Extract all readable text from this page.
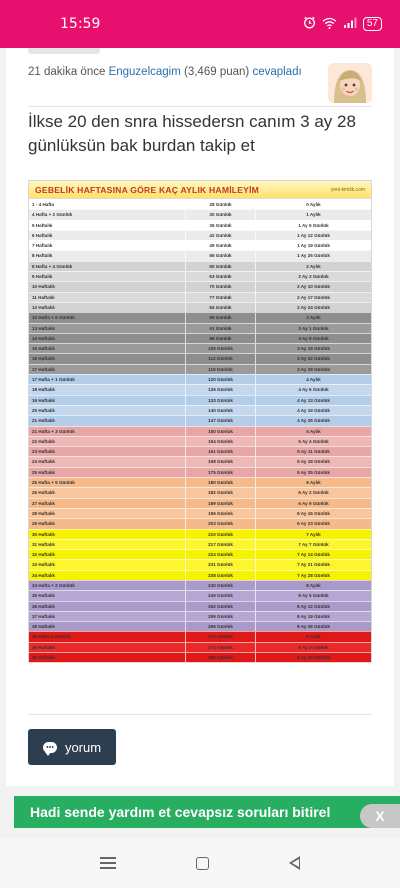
15:59	57
21 dakika önce Enguzelcagim (3,469 puan) cevapladı
İlkse 20 den snra hissedersn canım 3 ay 28 günlüksün bak burdan takip et
GEBELİK HAFTASINA GÖRE KAÇ AYLIK HAMİLEYİM	yeni-kimlik.com
1 - 4 Hafta	28 Günlük	0 Aylık
4 Hafta + 2 Günlük	30 Günlük	1 Aylık
5 Haftalık	35 Günlük	1 Ay 5 Günlük
6 Haftalık	42 Günlük	1 Ay 12 Günlük
7 Haftalık	49 Günlük	1 Ay 19 Günlük
8 Haftalık	56 Günlük	1 Ay 26 Günlük
8 Hafta + 4 Günlük	60 Günlük	2 Aylık
9 Haftalık	63 Günlük	2 Ay 3 Günlük
10 Haftalık	70 Günlük	2 Ay 10 Günlük
11 Haftalık	77 Günlük	2 Ay 17 Günlük
12 Haftalık	84 Günlük	2 Ay 24 Günlük
12 Hafta + 6 Günlük	90 Günlük	3 Aylık
13 Haftalık	91 Günlük	3 Ay 1 Günlük
14 Haftalık	98 Günlük	3 Ay 8 Günlük
15 Haftalık	105 Günlük	3 Ay 15 Günlük
16 Haftalık	112 Günlük	3 Ay 22 Günlük
17 Haftalık	119 Günlük	3 Ay 29 Günlük
17 Hafta + 1 Günlük	120 Günlük	4 Aylık
18 Haftalık	126 Günlük	4 Ay 6 Günlük
19 Haftalık	133 Günlük	4 Ay 13 Günlük
20 Haftalık	140 Günlük	4 Ay 19 Günlük
21 Haftalık	147 Günlük	4 Ay 26 Günlük
21 Hafta + 3 Günlük	150 Günlük	5 Aylık
22 Haftalık	154 Günlük	5 Ay 4 Günlük
23 Haftalık	161 Günlük	5 Ay 11 Günlük
24 Haftalık	168 Günlük	5 Ay 18 Günlük
25 Haftalık	175 Günlük	5 Ay 25 Günlük
25 Hafta + 5 Günlük	180 Günlük	6 Aylık
26 Haftalık	182 Günlük	6 Ay 2 Günlük
27 Haftalık	189 Günlük	6 Ay 9 Günlük
28 Haftalık	196 Günlük	6 Ay 16 Günlük
29 Haftalık	203 Günlük	6 Ay 23 Günlük
30 Haftalık	210 Günlük	7 Aylık
31 Haftalık	217 Günlük	7 Ay 7 Günlük
32 Haftalık	224 Günlük	7 Ay 14 Günlük
33 Haftalık	231 Günlük	7 Ay 21 Günlük
34 Haftalık	238 Günlük	7 Ay 28 Günlük
34 Hafta + 2 Günlük	240 Günlük	8 Aylık
35 Haftalık	245 Günlük	8 Ay 5 Günlük
36 Haftalık	252 Günlük	8 Ay 12 Günlük
37 Haftalık	259 Günlük	8 Ay 19 Günlük
38 Haftalık	266 Günlük	8 Ay 26 Günlük
38 Hafta 4 Günlük	270 Günlük	9 Aylık
39 Haftalık	273 Günlük	9 Ay 3 Günlük
40 Haftalık	280 Günlük	9 Ay 10 Günlük
yorum
Hadi sende yardım et cevapsız soruları bitirel	X
